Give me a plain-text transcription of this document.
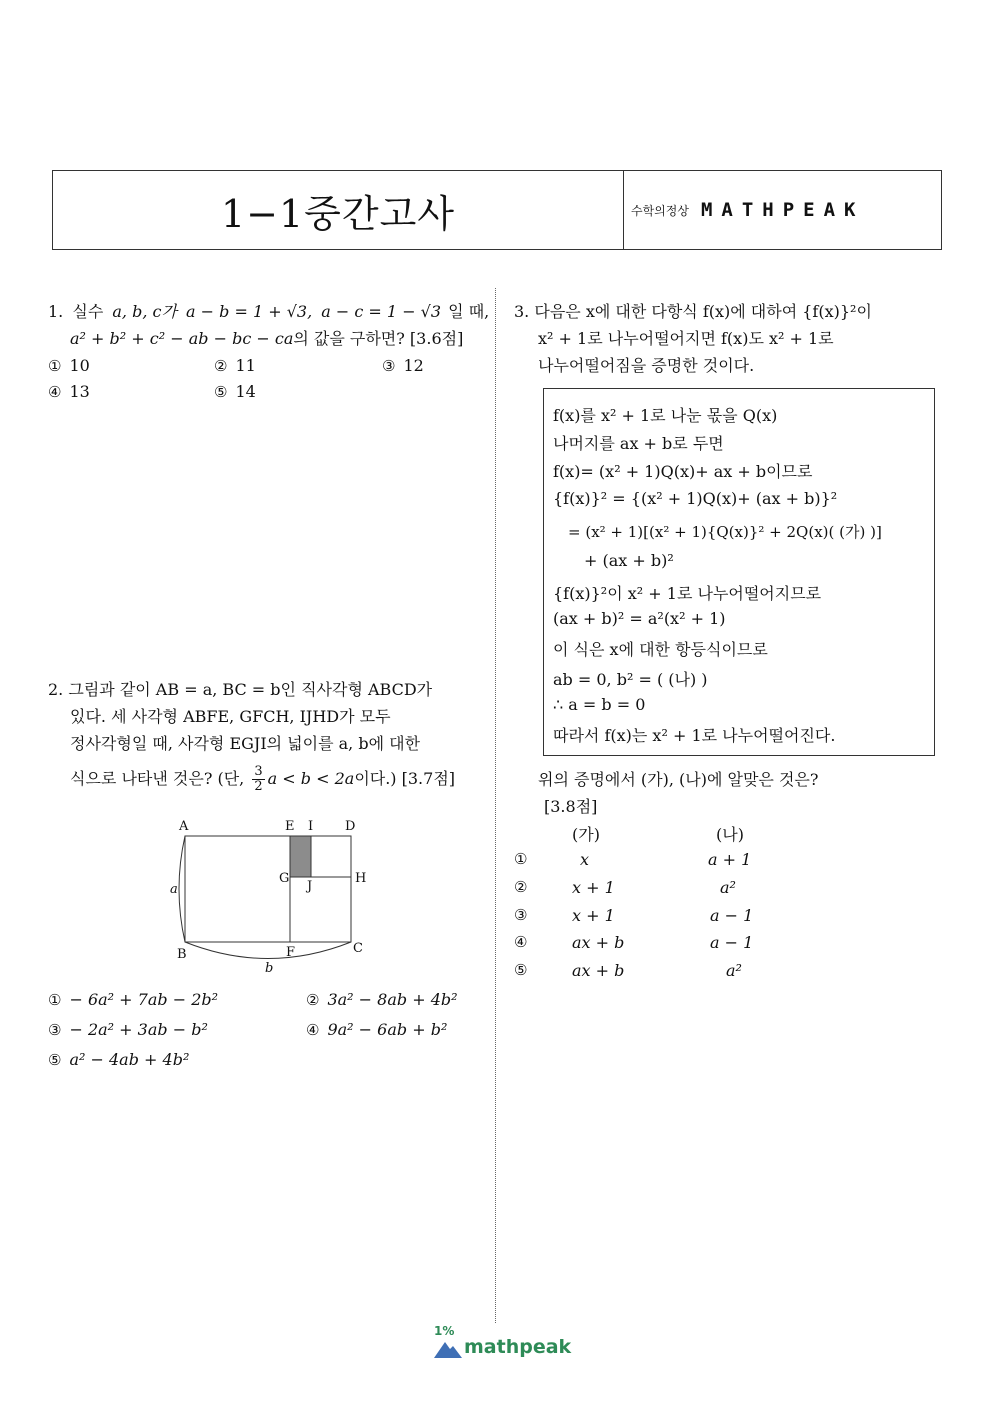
1−1중간고사	수학의정상 MATHPEAK
1. 실수 a, b, c가 a − b = 1 + √3, a − c = 1 − √3 일 때,
a² + b² + c² − ab − bc − ca의 값을 구하면? [3.6점]
① 10	② 11	③ 12
④ 13	⑤ 14
2. 그림과 같이 AB = a, BC = b인 직사각형 ABCD가
있다. 세 사각형 ABFE, GFCH, IJHD가 모두
정사각형일 때, 사각형 EGJI의 넓이를 a, b에 대한
식으로 나타낸 것은? (단, $\frac{3}{2}$ a < b < 2a이다.) [3.7점]
A	E I D
G
J
H
B	F	C
a
b
① − 6a² + 7ab − 2b²	② 3a² − 8ab + 4b²
③ − 2a² + 3ab − b²	④ 9a² − 6ab + b²
⑤ a² − 4ab + 4b²
3. 다음은 x에 대한 다항식 f(x)에 대하여 {f(x)}²이
x² + 1로 나누어떨어지면 f(x)도 x² + 1로
나누어떨어짐을 증명한 것이다.
f(x)를 x² + 1로 나눈 몫을 Q(x)
나머지를 ax + b로 두면
f(x)= (x² + 1)Q(x)+ ax + b이므로
{f(x)}² = {(x² + 1)Q(x)+ (ax + b)}²
= (x² + 1)[(x² + 1){Q(x)}² + 2Q(x)( (가) )]
+ (ax + b)²
{f(x)}²이 x² + 1로 나누어떨어지므로
(ax + b)² = a²(x² + 1)
이 식은 x에 대한 항등식이므로
ab = 0, b² = ( (나) )
∴ a = b = 0
따라서 f(x)는 x² + 1로 나누어떨어진다.
위의 증명에서 (가), (나)에 알맞은 것은?
[3.8점]
(가)	(나)
①	x	a + 1
②	x + 1	a²
③	x + 1	a − 1
④	ax + b	a − 1
⑤	ax + b	a²
1%
mathpeak
